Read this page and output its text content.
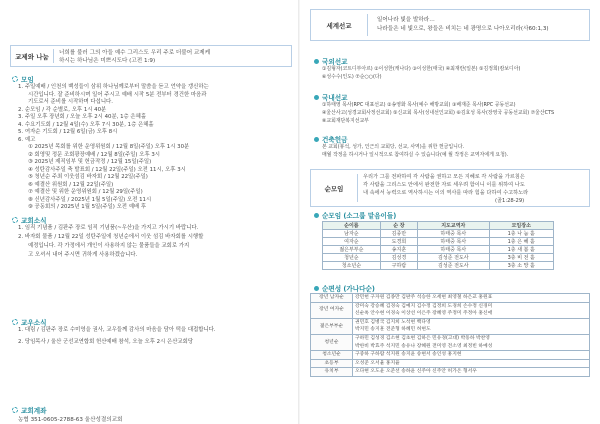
교제와 나눔	너희를 불러 그의 아들 예수 그리스도 우리 주로 더불어 교제케
하시는 하나님은 미쁘시도다 (고전 1:9)
모임
1. 주일예배 / 인천의 백성들이 삼위 하나님께로부터 말씀을 듣고 언약을 갱신하는
시간입니다. 잘 준비하시며 일어 주시고 예배 시작 5분 전부터 경건한 마음과
기도로서 준비를 시작하며 다섭니다.
2. 순모임 / 각 순별로, 오후 1시 40분
3. 주일 오후 장년회 / 오늘 오후 2시 40분, 1층 은혜홀
4. 수요기도회 / 12월 4일(수) 오후 7시 30분, 1층 은혜홀
5. 여자순 기도회 / 12월 6일(금) 오후 8시
6. 예고
① 2025년 목회를 위한 운영위원회 / 12월 8일(주일) 오후 1시 30분
② 회영및 정문 조회광장예배 / 12월 8일(주일) 오후 3시
③ 2025년 제직임부 및 헌금작정 / 12월 15일(주일)
④ 성탄감사주일 축 발표회 / 12월 22일(주일) 오전 11시, 오후 3시
⑤ 청년순 주최 이웃섬김 바자회 / 12월 22일(주일)
⑥ 예결산 위원회 / 12월 22일(주일)
⑦ 예결산 및 위한 운영위원회 / 12월 29일(주일)
⑧ 신년감사주일 / 2025년 1월 5일(주일) 오전 11시
⑨ 공동회의 / 2025년 1월 5일(주일) 오전 예배 후
교회소식
1. 임직 기념품 / 김판주 장로 임직 기념품(~우산)을 가지고 가시기 바랍니다.
2. 바자회 물품 / 12월 22일 성탄주일에 청년순에서 이웃 섬김 바자회를 시행할
예정입니다. 각 가정에서 개인이 사용하지 않는 물품들을 교회로 가지
고 오셔서 내어 주시면 귀하게 사용하겠습니다.
교우소식
1. 대림 / 김판주 장로 수미영을 권사, 교우들께 감사의 마음을 담아 떡을 대접합니다.
2. 당임목사 / 울산 군선교연합회 헌산예배 참석, 오늘 오후 2시 은산교회당
교회계좌
농협 351-0605-2788-63 울산성결의교회
세계선교
일어나라 빛을 발하라…
나라들은 네 빛으로, 왕들은 비치는 네 광명으로 나아오리라(사60:1,3)
국외선교
①김형자(코트디부아르) ②이성한(캐나다) ③이성한(태국) ④최재란(일본) ⑤김정희(캄보디아)
⑥성수수(인도) ⑦순○○(다)
국내선교
①하태영 목사(RPC 대표선교) ②송영화 목사(예수 해방교회) ③배재준 목사(RPC 공동선교)
④울산사고(성경교회사정선교회) ⑤신교회 목사(성내선인교회) ⑥김효성 목사(장영국 공동선교회) ⑦울산CTS
⑧교회재단복지선교부
건축헌금
본 교회(봉석, 성가, 인근의 교회당, 선교, 사역)을 위한 헌금입니다.
매월 작정을 하시거나 일시적으로 참여하실 수 있습니다(예 월 작정은 교역자에게 요청).
순모임
우리가 그를 전파하여 각 사람을 권하고 모든 지혜로 각 사람을 가르침은
각 사람을 그리스도 안에서 완전한 자로 세우려 함이니 이를 위하여 나도
내 속에서 능력으로 역사하시는 이의 역사를 따라 힘을 다하여 수고하노라
(골1:28-29)
순모임 (소그룹 맡음이들)
순이름	순 장	지도교역자	모임장소
남자순	김종만	하태중 목사	1층 나 눔 홀
여자순	도경희	하태중 목사	1층 은 혜 홀
젊은부부순	송지훈	하태중 목사	1층 새 봄 홀
청년순	김성경	김성준 전도사	3층 비 전 홀
청소년순	구하람	김성준 전도사	3층 소 망 홀
순편성 (가나다순)
장년 남자순	강민헌 구자원 김종만 김판주 석승한 오세현 최영철 하은교 홍원표

장년 여자순	강미숙 강승혜 김경숙 김예지 김수정 김정희 도경희 손수정 신경미
신순옥 안수현 이경숙 이상선 이은주 장혜영 주정미 주정아 홍신애

젊은부부순	권민호 김병국 김지희 노석현 백다영
박지민 송지훈 전준형 하혜민 허현도

청년순	구하민 김성경 김소현 김초현 김하은 민유경(고대) 박동하 박찬영
박한비 박효주 석지민 송유나 장혜원 전미영 전소영 최정빈 하예성

청소년순	구중하 구하람 석지원 송지윤 송현서 송인성 홍지현

초등부	오성준 오서율 홍지율

유치부	오다현 오도윤 오준선 송하윤 신주아 신주안 허가온 형서우
